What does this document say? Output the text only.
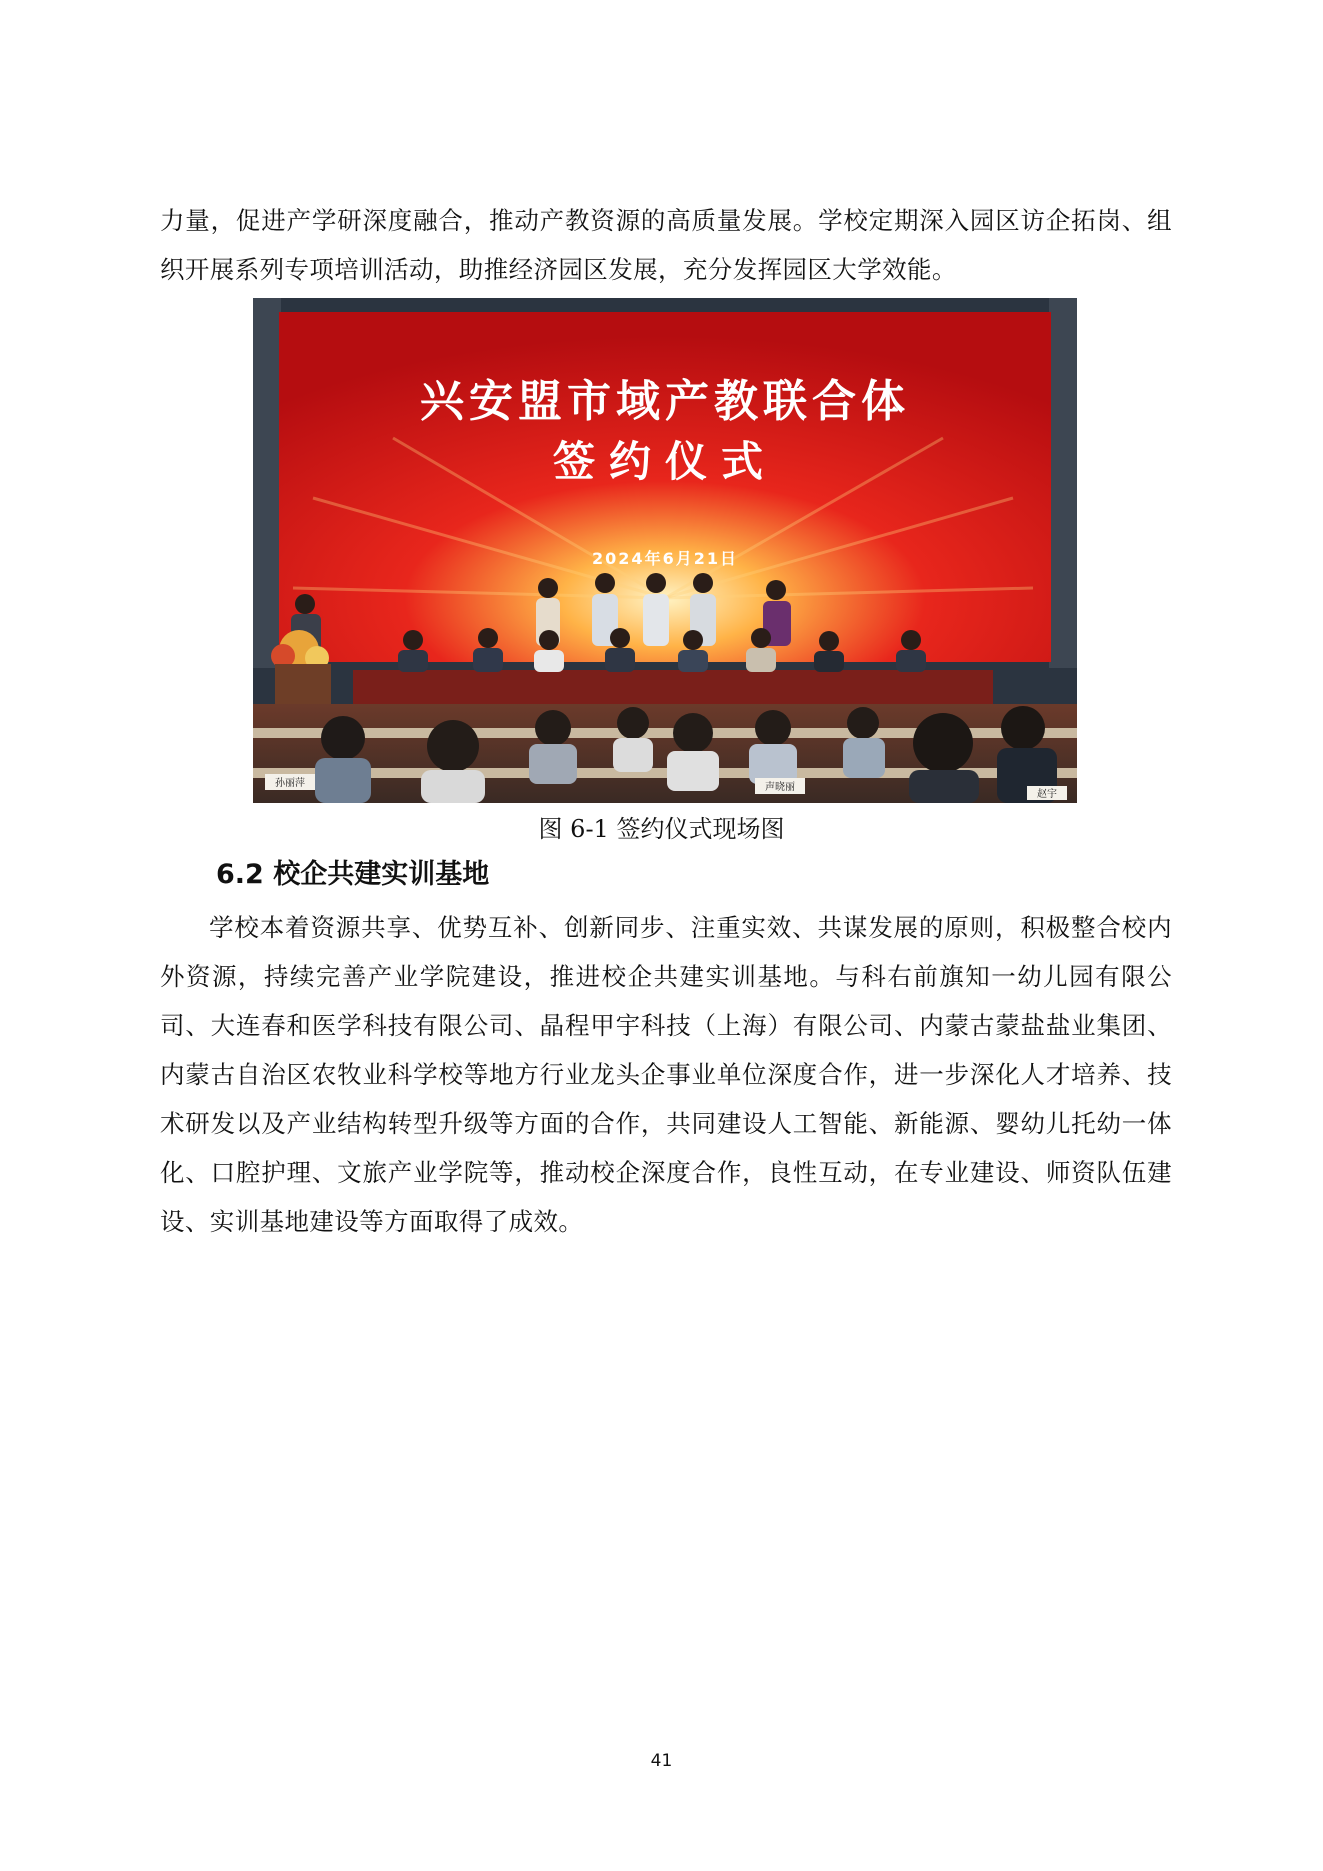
力量，促进产学研深度融合，推动产教资源的高质量发展。学校定期深入园区访企拓岗、组织开展系列专项培训活动，助推经济园区发展，充分发挥园区大学效能。

兴安盟市域产教联合体
签约仪式
2024年6月21日
孙丽萍	声晓丽
赵宇

图 6-1 签约仪式现场图

6.2 校企共建实训基地

学校本着资源共享、优势互补、创新同步、注重实效、共谋发展的原则，积极整合校内外资源，持续完善产业学院建设，推进校企共建实训基地。与科右前旗知一幼儿园有限公司、大连春和医学科技有限公司、晶程甲宇科技（上海）有限公司、内蒙古蒙盐盐业集团、内蒙古自治区农牧业科学校等地方行业龙头企事业单位深度合作，进一步深化人才培养、技术研发以及产业结构转型升级等方面的合作，共同建设人工智能、新能源、婴幼儿托幼一体化、口腔护理、文旅产业学院等，推动校企深度合作，良性互动，在专业建设、师资队伍建设、实训基地建设等方面取得了成效。

41
